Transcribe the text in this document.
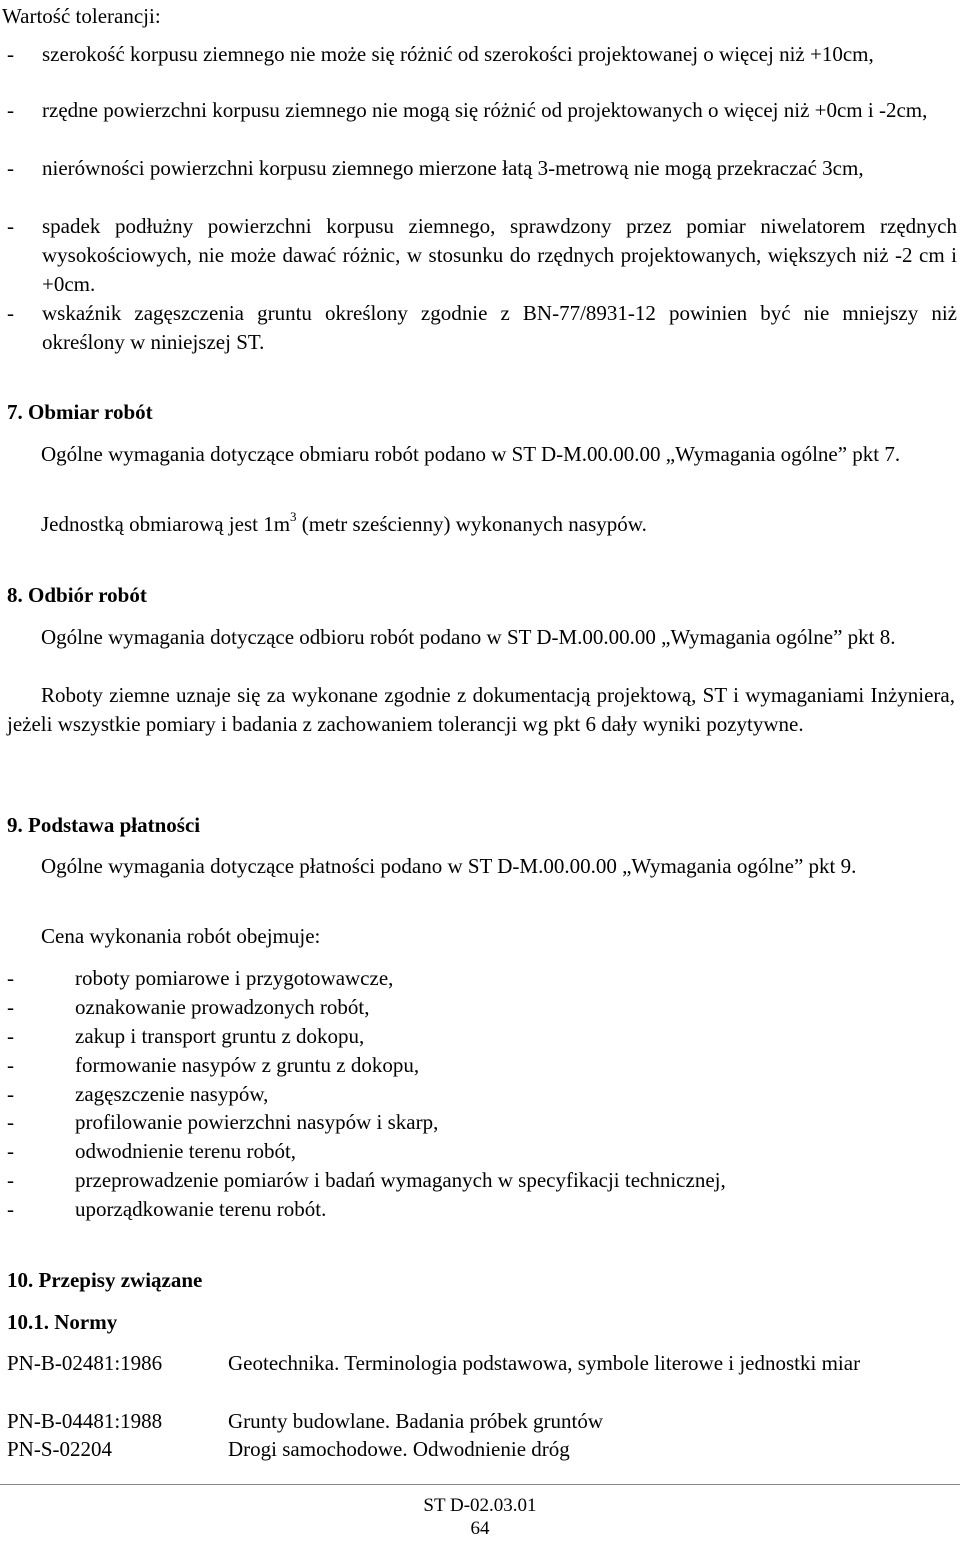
Wartość tolerancji:
- szerokość korpusu ziemnego nie może się różnić od szerokości projektowanej o więcej niż +10cm,
- rzędne powierzchni korpusu ziemnego nie mogą się różnić od projektowanych o więcej niż +0cm i -2cm,
- nierówności powierzchni korpusu ziemnego mierzone łatą 3-metrową nie mogą przekraczać 3cm,
- spadek podłużny powierzchni korpusu ziemnego, sprawdzony przez pomiar niwelatorem rzędnych wysokościowych, nie może dawać różnic, w stosunku do rzędnych projektowanych, większych niż -2 cm i +0cm.
- wskaźnik zagęszczenia gruntu określony zgodnie z BN-77/8931-12 powinien być nie mniejszy niż określony w niniejszej ST.
7. Obmiar robót
Ogólne wymagania dotyczące obmiaru robót podano w ST D-M.00.00.00 „Wymagania ogólne” pkt 7.
Jednostką obmiarową jest $1m^3$ (metr sześcienny) wykonanych nasypów.
8. Odbiór robót
Ogólne wymagania dotyczące odbioru robót podano w ST D-M.00.00.00 „Wymagania ogólne” pkt 8.
Roboty ziemne uznaje się za wykonane zgodnie z dokumentacją projektową, ST i wymaganiami Inżyniera, jeżeli wszystkie pomiary i badania z zachowaniem tolerancji wg pkt 6 dały wyniki pozytywne.
9. Podstawa płatności
Ogólne wymagania dotyczące płatności podano w ST D-M.00.00.00 „Wymagania ogólne” pkt 9.
Cena wykonania robót obejmuje:
-	roboty pomiarowe i przygotowawcze,
-	oznakowanie prowadzonych robót,
-	zakup i transport gruntu z dokopu,
-	formowanie nasypów z gruntu z dokopu,
-	zagęszczenie nasypów,
-	profilowanie powierzchni nasypów i skarp,
-	odwodnienie terenu robót,
-	przeprowadzenie pomiarów i badań wymaganych w specyfikacji technicznej,
-	uporządkowanie terenu robót.
10. Przepisy związane
10.1. Normy
PN-B-02481:1986	Geotechnika. Terminologia podstawowa, symbole literowe i jednostki miar
PN-B-04481:1988	Grunty budowlane. Badania próbek gruntów
PN-S-02204	Drogi samochodowe. Odwodnienie dróg
ST D-02.03.01
64
